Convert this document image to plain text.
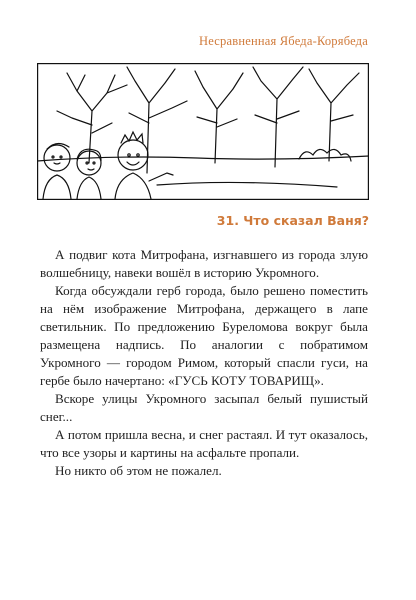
Несравненная Ябеда-Корябеда
31. Что сказал Ваня?

А подвиг кота Митрофана, изгнавшего из города злую волшебницу, навеки вошёл в историю Укромного.

Когда обсуждали герб города, было решено поместить на нём изображение Митрофана, держащего в лапе светильник. По предложению Буреломова вокруг была размещена надпись. По аналогии с побратимом Укромного — городом Римом, который спасли гуси, на гербе было начертано: «ГУСЬ КОТУ ТОВАРИЩ».

Вскоре улицы Укромного засыпал белый пушистый снег...

А потом пришла весна, и снег растаял. И тут оказалось, что все узоры и картины на асфальте пропали.

Но никто об этом не пожалел.
